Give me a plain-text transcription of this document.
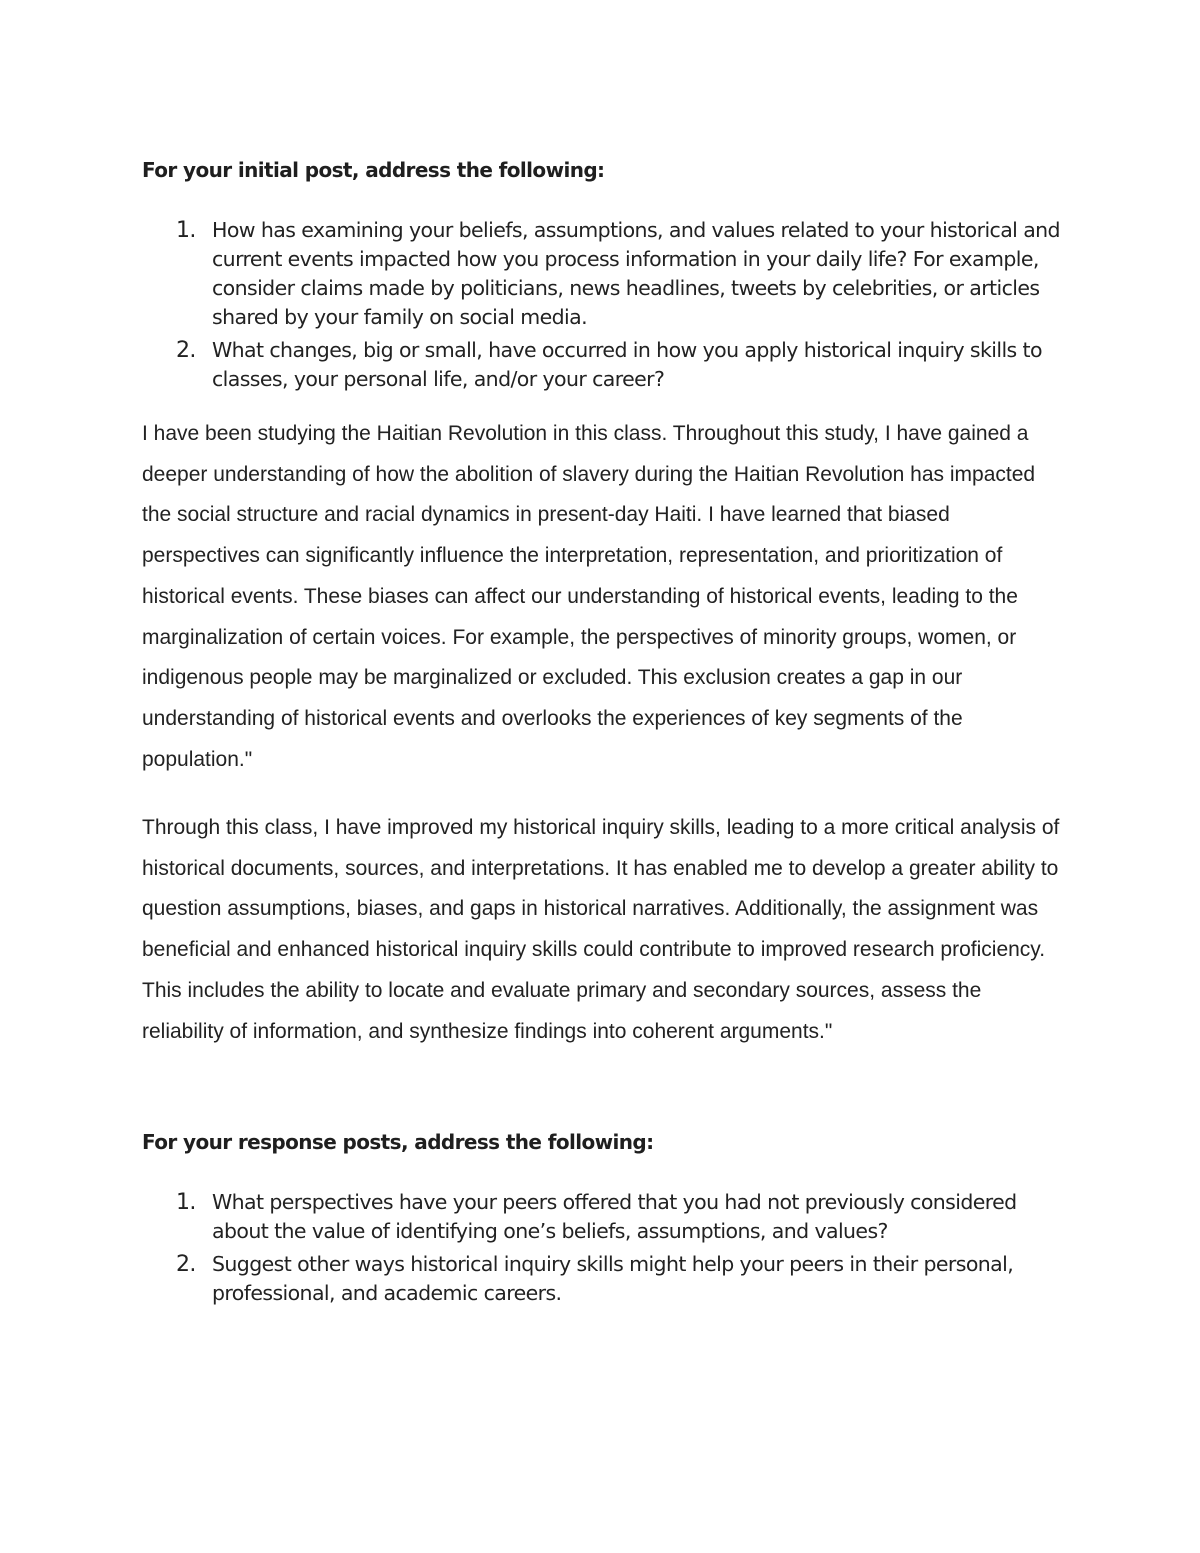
For your initial post, address the following:
1. How has examining your beliefs, assumptions, and values related to your historical and current events impacted how you process information in your daily life? For example, consider claims made by politicians, news headlines, tweets by celebrities, or articles shared by your family on social media.
2. What changes, big or small, have occurred in how you apply historical inquiry skills to classes, your personal life, and/or your career?

I have been studying the Haitian Revolution in this class. Throughout this study, I have gained a deeper understanding of how the abolition of slavery during the Haitian Revolution has impacted the social structure and racial dynamics in present-day Haiti. I have learned that biased perspectives can significantly influence the interpretation, representation, and prioritization of historical events. These biases can affect our understanding of historical events, leading to the marginalization of certain voices. For example, the perspectives of minority groups, women, or indigenous people may be marginalized or excluded. This exclusion creates a gap in our understanding of historical events and overlooks the experiences of key segments of the population."

Through this class, I have improved my historical inquiry skills, leading to a more critical analysis of historical documents, sources, and interpretations. It has enabled me to develop a greater ability to question assumptions, biases, and gaps in historical narratives. Additionally, the assignment was beneficial and enhanced historical inquiry skills could contribute to improved research proficiency. This includes the ability to locate and evaluate primary and secondary sources, assess the reliability of information, and synthesize findings into coherent arguments."

For your response posts, address the following:
1. What perspectives have your peers offered that you had not previously considered about the value of identifying one’s beliefs, assumptions, and values?
2. Suggest other ways historical inquiry skills might help your peers in their personal, professional, and academic careers.
